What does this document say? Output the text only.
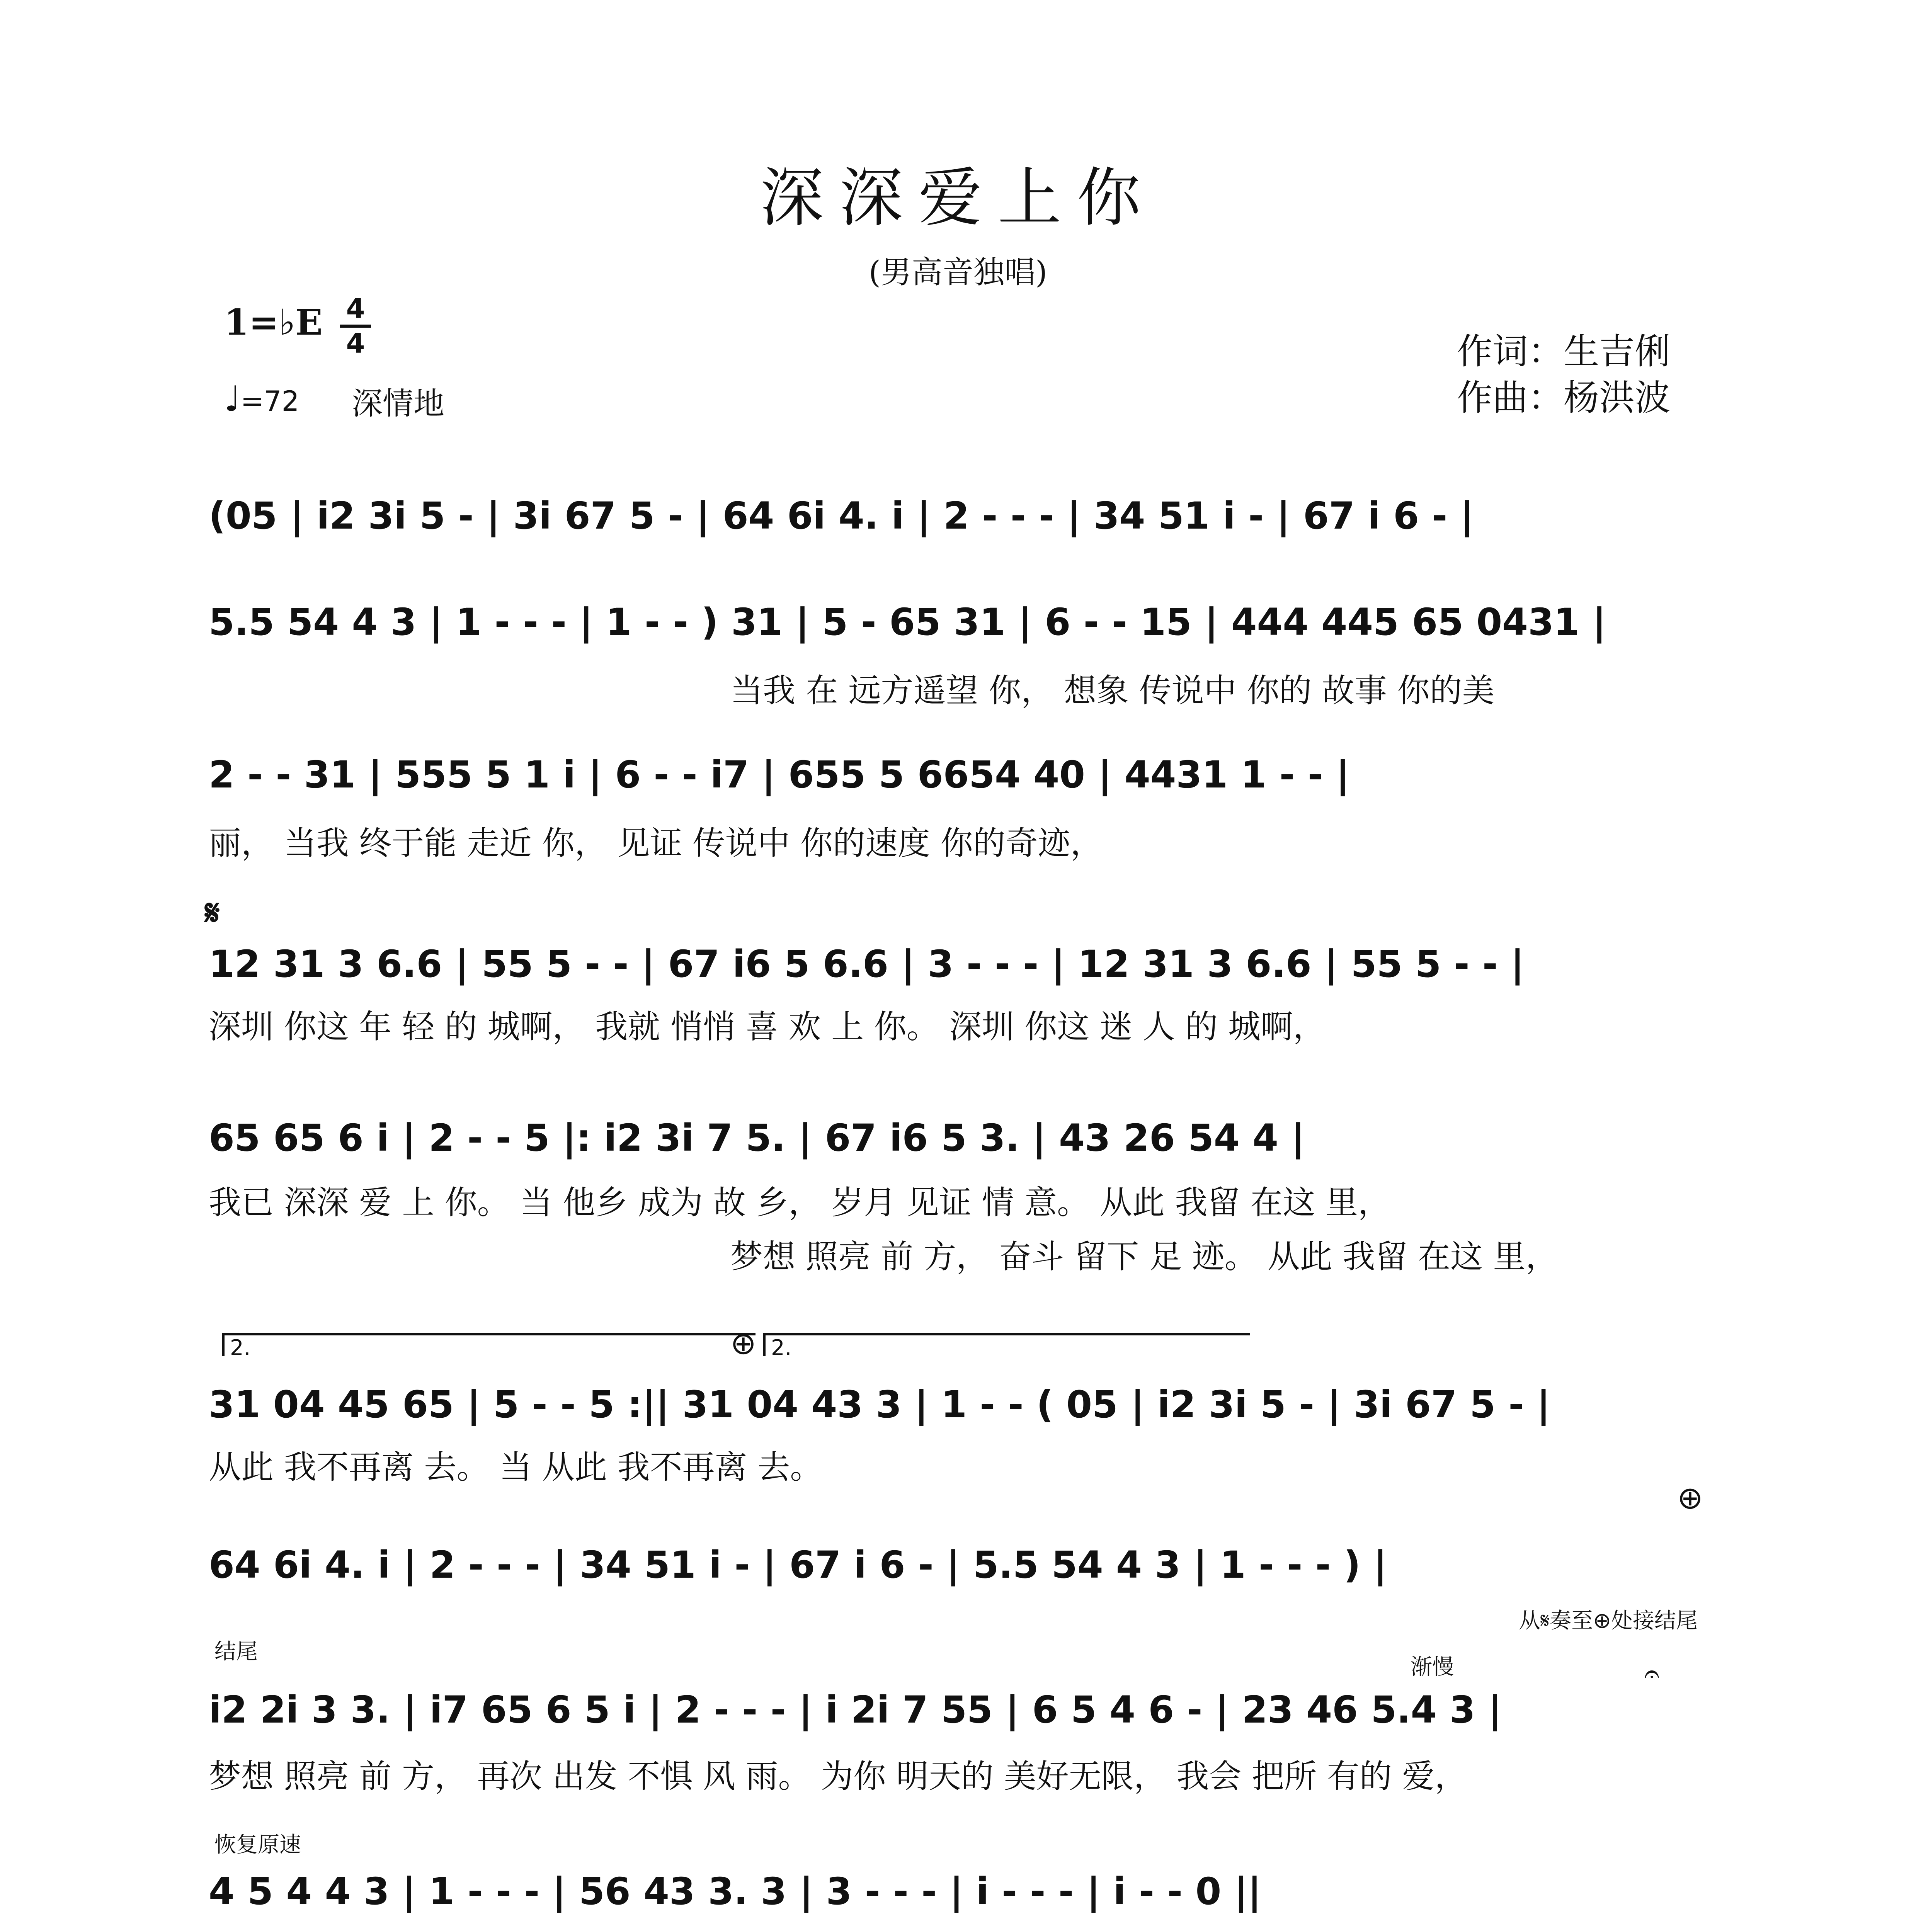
深深爱上你
(男高音独唱)
1=♭E 4
4
♩=72 深情地
作词：生吉俐
作曲：杨洪波
(05 | i2 3i 5 - | 3i 67 5 - | 64 6i 4. i | 2 - - - | 34 51 i - | 67 i 6 - |
5.5 54 4 3 | 1 - - - | 1 - - ) 31 | 5 - 65 31 | 6 - - 15 | 444 445 65 0431 |
当我 在 远方遥望 你， 想象 传说中 你的 故事 你的美
2 - - 31 | 555 5 1 i | 6 - - i7 | 655 5 6654 40 | 4431 1 - - |
丽， 当我 终于能 走近 你， 见证 传说中 你的速度 你的奇迹，
𝄋
12 31 3 6.6 | 55 5 - - | 67 i6 5 6.6 | 3 - - - | 12 31 3 6.6 | 55 5 - - |
深圳 你这 年 轻 的 城啊， 我就 悄悄 喜 欢 上 你。 深圳 你这 迷 人 的 城啊，
65 65 6 i | 2 - - 5 |: i2 3i 7 5. | 67 i6 5 3. | 43 26 54 4 |
我已 深深 爱 上 你。 当 他乡 成为 故 乡， 岁月 见证 情 意。 从此 我留 在这 里，
梦想 照亮 前 方， 奋斗 留下 足 迹。 从此 我留 在这 里，
2.	⊕ 2.
31 04 45 65 | 5 - - 5 :|| 31 04 43 3 | 1 - - ( 05 | i2 3i 5 - | 3i 67 5 - |
从此 我不再离 去。 当 从此 我不再离 去。
⊕
64 6i 4. i | 2 - - - | 34 51 i - | 67 i 6 - | 5.5 54 4 3 | 1 - - - ) |
从𝄋奏至⊕处接结尾
结尾
渐慢	𝄐
i2 2i 3 3. | i7 65 6 5 i | 2 - - - | i 2i 7 55 | 6 5 4 6 - | 23 46 5.4 3 |
梦想 照亮 前 方， 再次 出发 不惧 风 雨。 为你 明天的 美好无限， 我会 把所 有的 爱，
恢复原速
4 5 4 4 3 | 1 - - - | 56 43 3. 3 | 3 - - - | i - - - | i - - 0 ||
